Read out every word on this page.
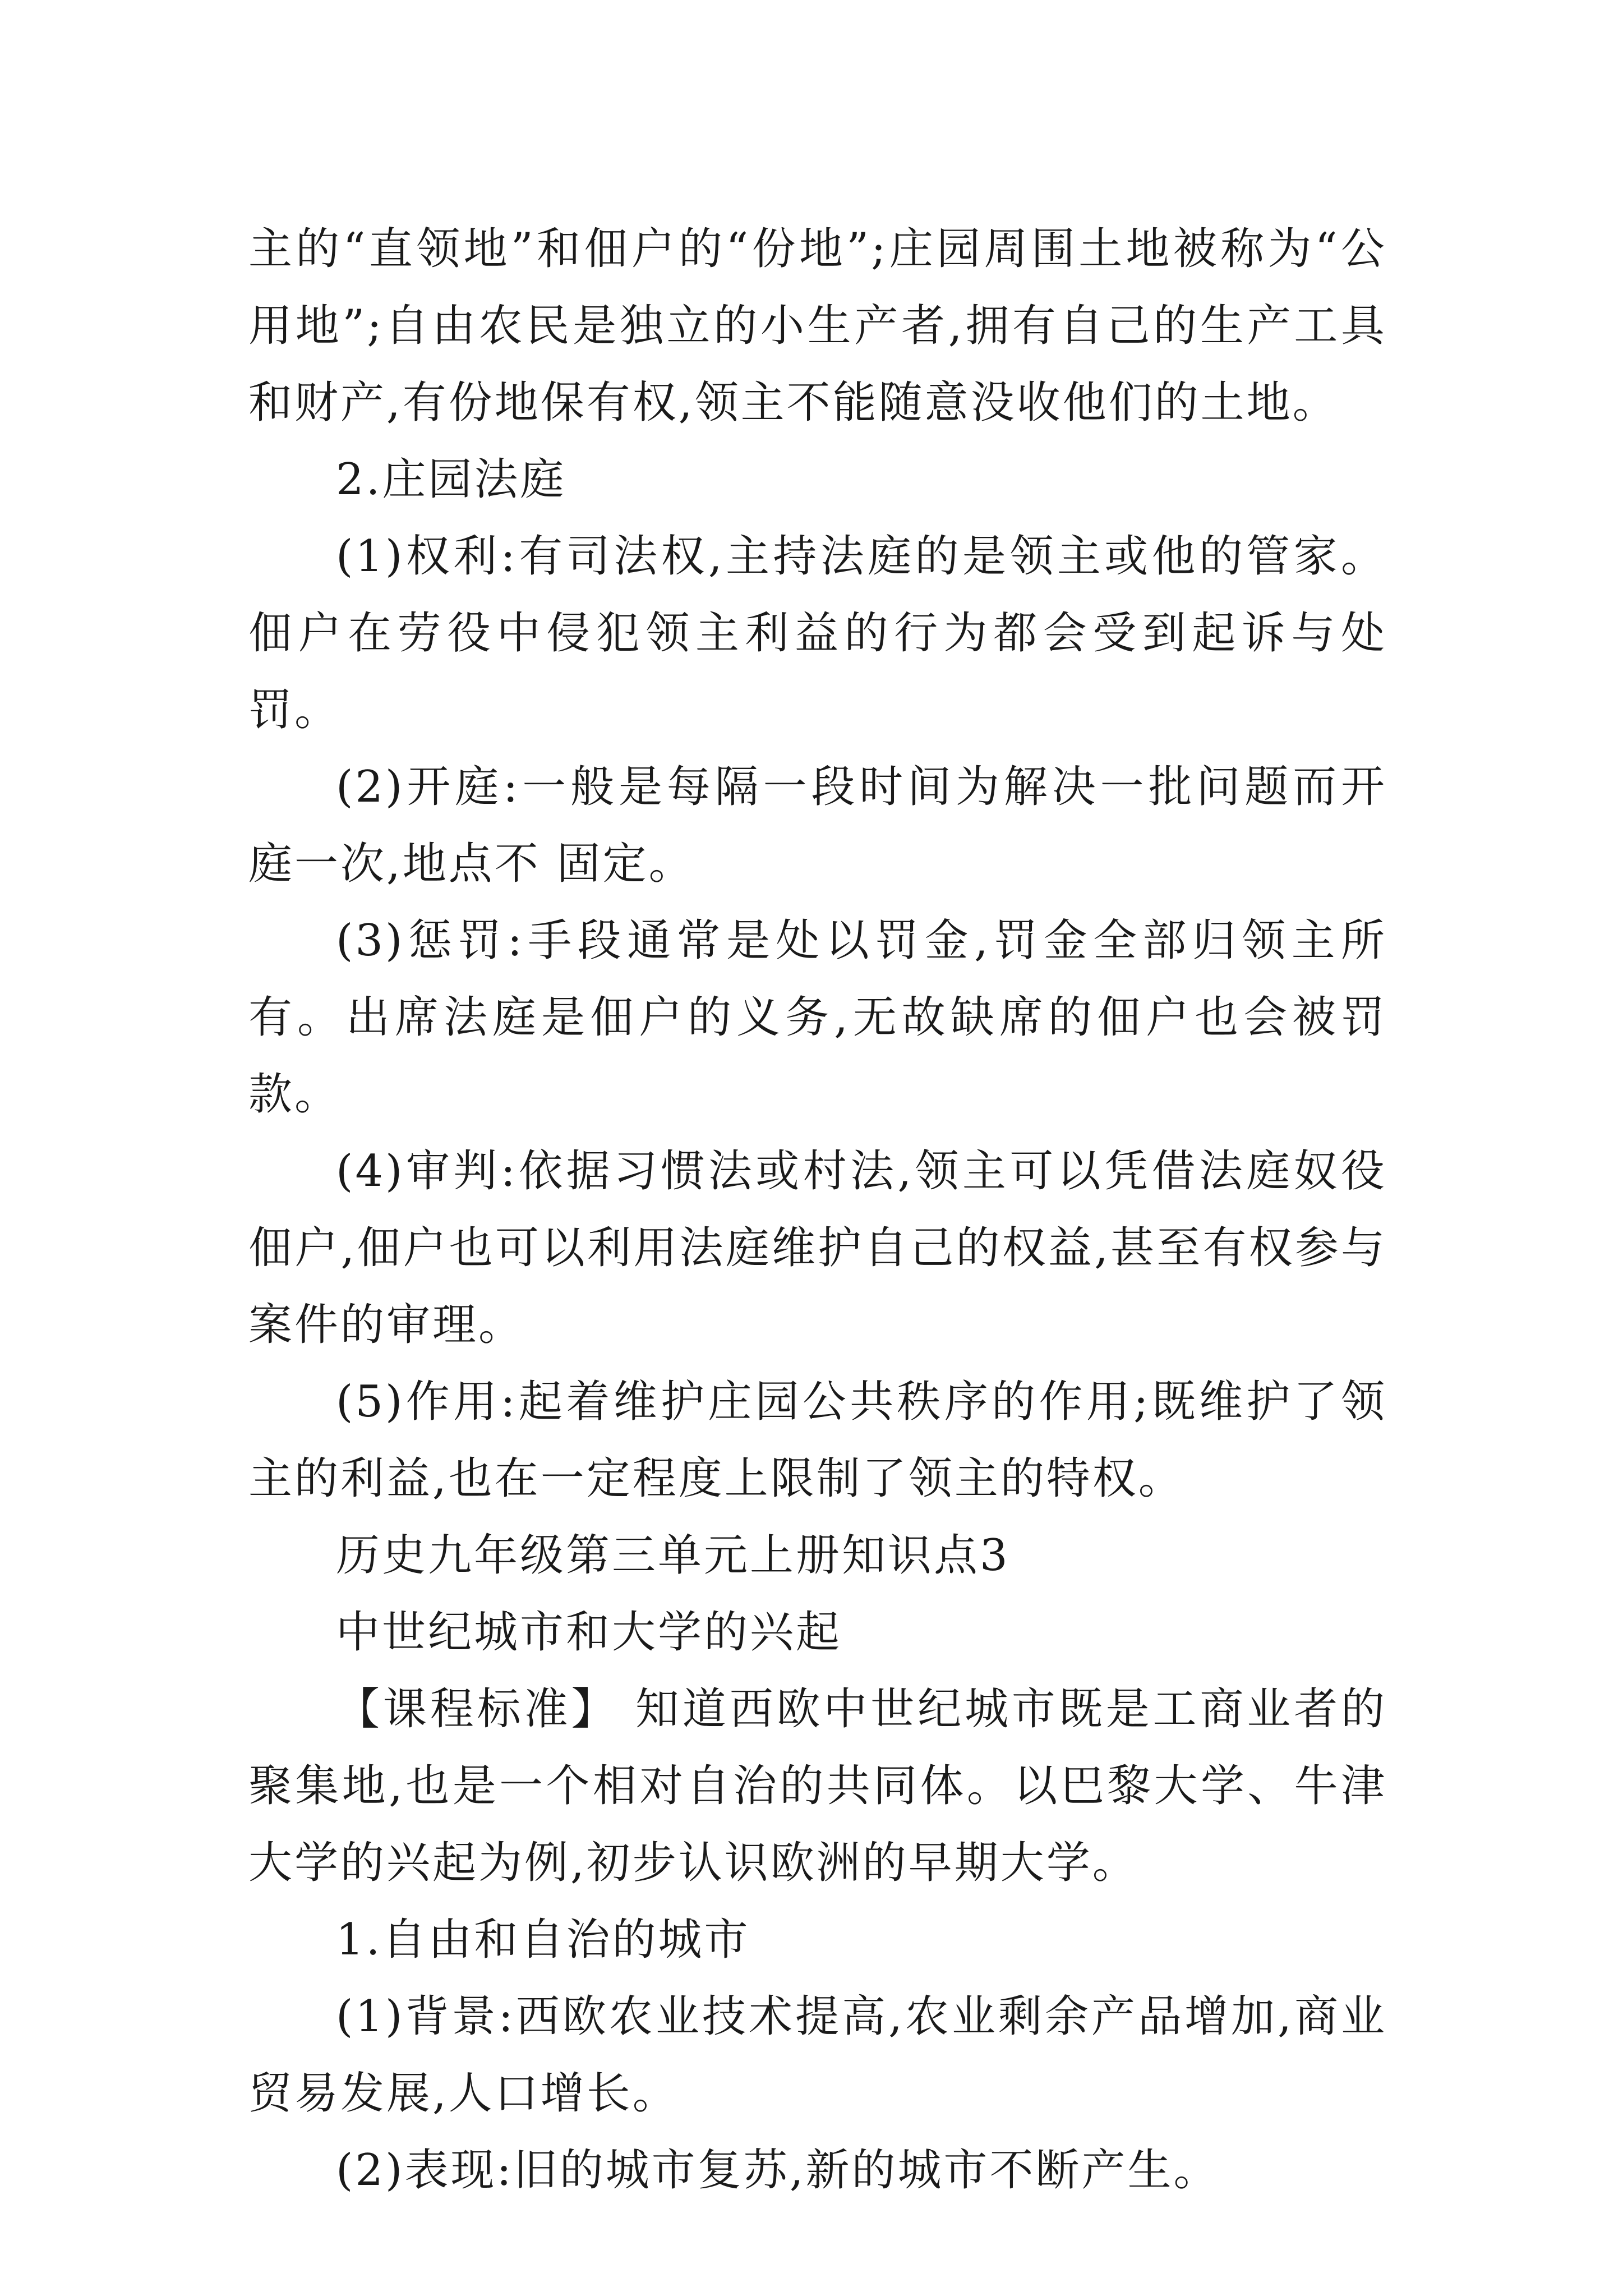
主的“直领地”和佃户的“份地”;庄园周围土地被称为“公用地”;自由农民是独立的小生产者,拥有自己的生产工具和财产,有份地保有权,领主不能随意没收他们的土地。

2.庄园法庭

(1)权利:有司法权,主持法庭的是领主或他的管家。佃户在劳役中侵犯领主利益的行为都会受到起诉与处罚。

(2)开庭:一般是每隔一段时间为解决一批问题而开庭一次,地点不 固定。

(3)惩罚:手段通常是处以罚金,罚金全部归领主所有。出席法庭是佃户的义务,无故缺席的佃户也会被罚款。

(4)审判:依据习惯法或村法,领主可以凭借法庭奴役佃户,佃户也可以利用法庭维护自己的权益,甚至有权参与案件的审理。

(5)作用:起着维护庄园公共秩序的作用;既维护了领主的利益,也在一定程度上限制了领主的特权。

历史九年级第三单元上册知识点3

中世纪城市和大学的兴起

【课程标准】 知道西欧中世纪城市既是工商业者的聚集地,也是一个相对自治的共同体。以巴黎大学、牛津大学的兴起为例,初步认识欧洲的早期大学。

1.自由和自治的城市

(1)背景:西欧农业技术提高,农业剩余产品增加,商业贸易发展,人口增长。

(2)表现:旧的城市复苏,新的城市不断产生。
